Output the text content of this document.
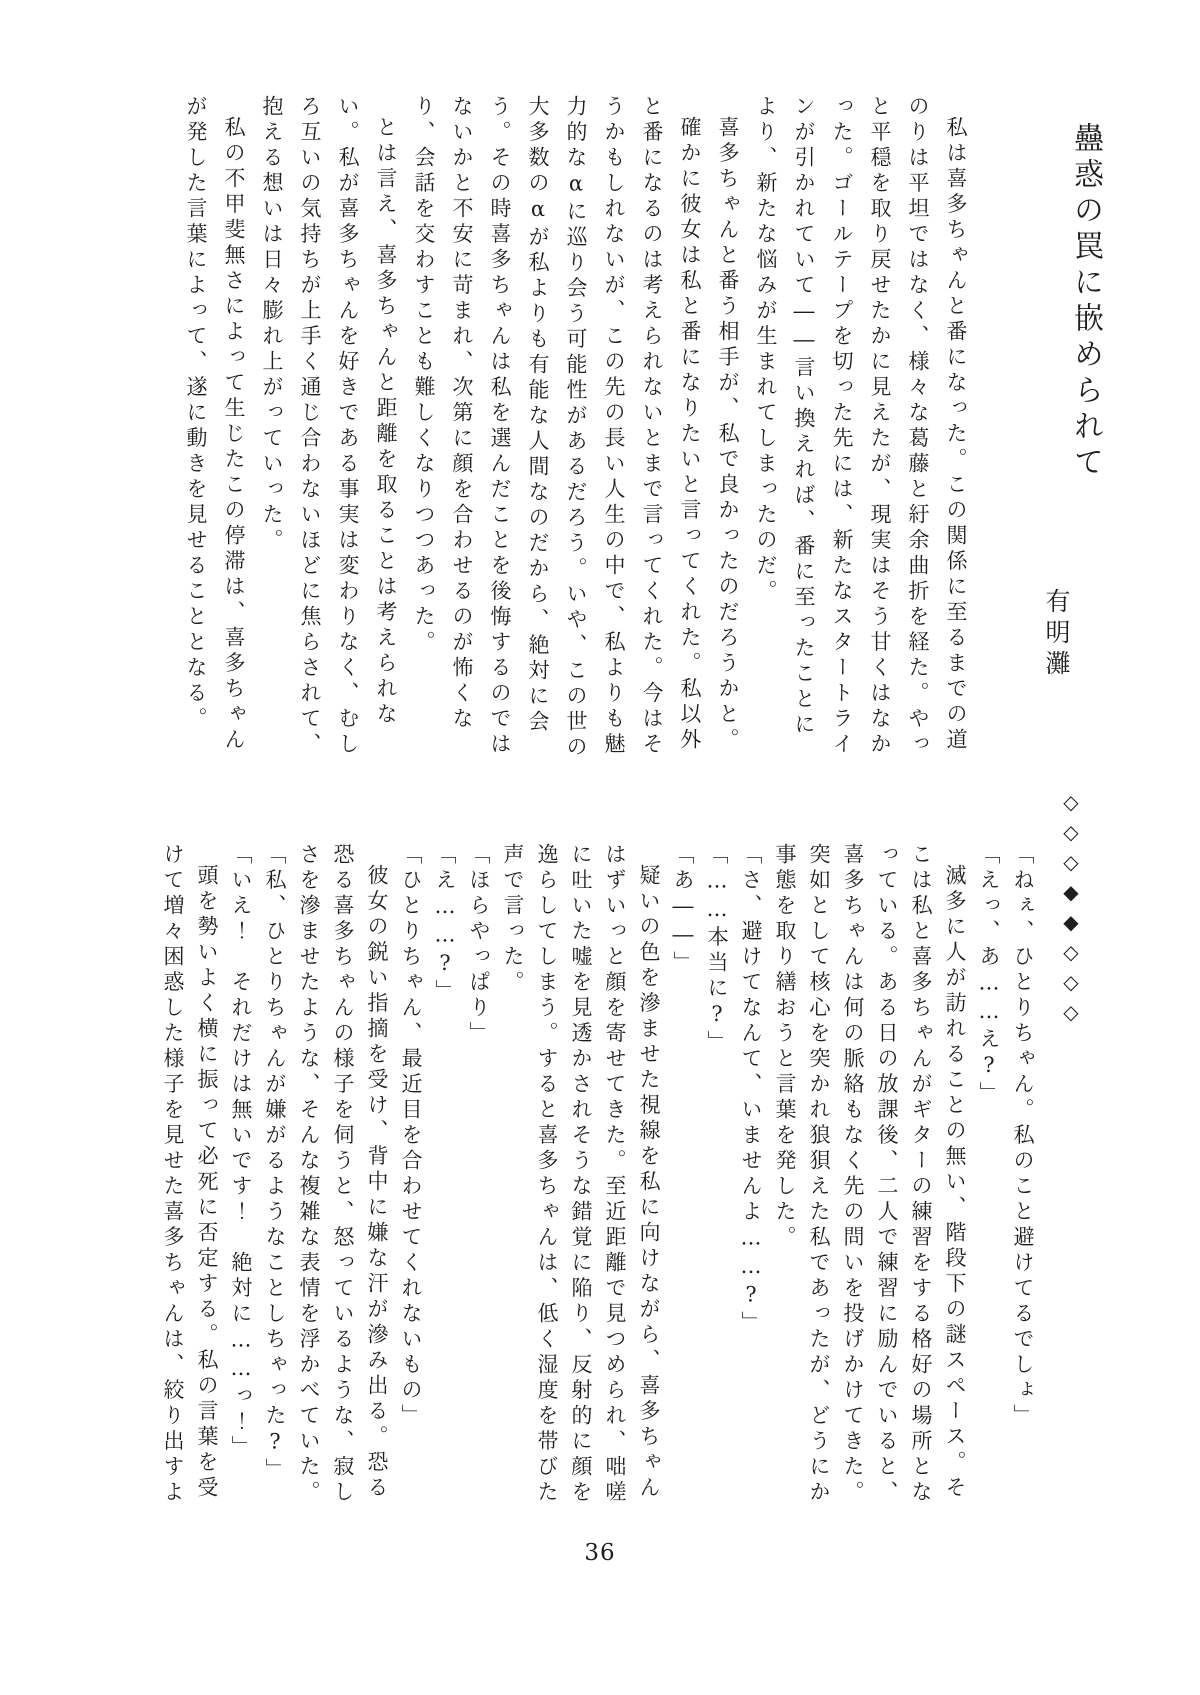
蠱惑の罠に嵌められて
有明灘

私は喜多ちゃんと番になった。この関係に至るまでの道のりは平坦ではなく、様々な葛藤と紆余曲折を経た。やっと平穏を取り戻せたかに見えたが、現実はそう甘くはなかった。ゴールテープを切った先には、新たなスタートラインが引かれていて――言い換えれば、番に至ったことにより、新たな悩みが生まれてしまったのだ。

喜多ちゃんと番う相手が、私で良かったのだろうかと。

確かに彼女は私と番になりたいと言ってくれた。私以外と番になるのは考えられないとまで言ってくれた。今はそうかもしれないが、この先の長い人生の中で、私よりも魅力的なαに巡り会う可能性があるだろう。いや、この世の大多数のαが私よりも有能な人間なのだから、絶対に会う。その時喜多ちゃんは私を選んだことを後悔するのではないかと不安に苛まれ、次第に顔を合わせるのが怖くなり、会話を交わすことも難しくなりつつあった。

とは言え、喜多ちゃんと距離を取ることは考えられない。私が喜多ちゃんを好きである事実は変わりなく、むしろ互いの気持ちが上手く通じ合わないほどに焦らされて、抱える想いは日々膨れ上がっていった。

私の不甲斐無さによって生じたこの停滞は、喜多ちゃんが発した言葉によって、遂に動きを見せることとなる。

◇◇◇◆◆◇◇◇

「ねぇ、ひとりちゃん。私のこと避けてるでしょ」

「えっ、あ……え?」

滅多に人が訪れることの無い、階段下の謎スペース。そこは私と喜多ちゃんがギターの練習をする格好の場所となっている。ある日の放課後、二人で練習に励んでいると、喜多ちゃんは何の脈絡もなく先の問いを投げかけてきた。

突如として核心を突かれ狼狽えた私であったが、どうにか事態を取り繕おうと言葉を発した。

「さ、避けてなんて、いませんよ……?」

「……本当に?」

「あ――」

疑いの色を滲ませた視線を私に向けながら、喜多ちゃんはずいっと顔を寄せてきた。至近距離で見つめられ、咄嗟に吐いた嘘を見透かされそうな錯覚に陥り、反射的に顔を逸らしてしまう。すると喜多ちゃんは、低く湿度を帯びた声で言った。

「ほらやっぱり」

「え……?」

「ひとりちゃん、最近目を合わせてくれないもの」

彼女の鋭い指摘を受け、背中に嫌な汗が滲み出る。恐る恐る喜多ちゃんの様子を伺うと、怒っているような、寂しさを滲ませたような、そんな複雑な表情を浮かべていた。

「私、ひとりちゃんが嫌がるようなことしちゃった?」

「いえ！　それだけは無いです！　絶対に……っ！」

頭を勢いよく横に振って必死に否定する。私の言葉を受けて増々困惑した様子を見せた喜多ちゃんは、絞り出すよ

36
